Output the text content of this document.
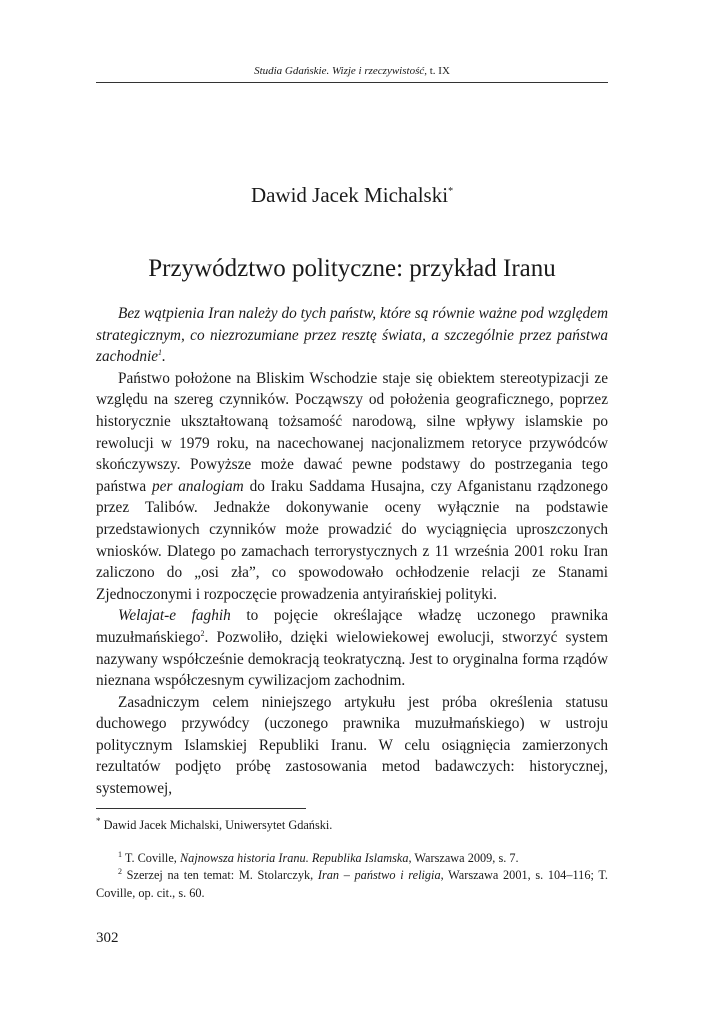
Studia Gdańskie. Wizje i rzeczywistość, t. IX
Dawid Jacek Michalski*
Przywództwo polityczne: przykład Iranu

Bez wątpienia Iran należy do tych państw, które są równie ważne pod względem strategicznym, co niezrozumiane przez resztę świata, a szczególnie przez państwa zachodnie$^1$.

Państwo położone na Bliskim Wschodzie staje się obiektem stereotypizacji ze względu na szereg czynników. Począwszy od położenia geograficznego, poprzez historycznie ukształtowaną tożsamość narodową, silne wpływy islamskie po rewolucji w 1979 roku, na nacechowanej nacjonalizmem retoryce przywódców skończywszy. Powyższe może dawać pewne podstawy do postrzegania tego państwa per analogiam do Iraku Saddama Husajna, czy Afganistanu rządzonego przez Talibów. Jednakże dokonywanie oceny wyłącznie na podstawie przedstawionych czynników może prowadzić do wyciągnięcia uproszczonych wniosków. Dlatego po zamachach terrorystycznych z 11 września 2001 roku Iran zaliczono do „osi zła”, co spowodowało ochłodzenie relacji ze Stanami Zjednoczonymi i rozpoczęcie prowadzenia antyirańskiej polityki.

Welajat-e faghih to pojęcie określające władzę uczonego prawnika muzułmańskiego$^2$. Pozwoliło, dzięki wielowiekowej ewolucji, stworzyć system nazywany współcześnie demokracją teokratyczną. Jest to oryginalna forma rządów nieznana współczesnym cywilizacjom zachodnim.

Zasadniczym celem niniejszego artykułu jest próba określenia statusu duchowego przywódcy (uczonego prawnika muzułmańskiego) w ustroju politycznym Islamskiej Republiki Iranu. W celu osiągnięcia zamierzonych rezultatów podjęto próbę zastosowania metod badawczych: historycznej, systemowej,

* Dawid Jacek Michalski, Uniwersytet Gdański.

$^1$ T. Coville, Najnowsza historia Iranu. Republika Islamska, Warszawa 2009, s. 7.

$^2$ Szerzej na ten temat: M. Stolarczyk, Iran – państwo i religia, Warszawa 2001, s. 104–116; T. Coville, op. cit., s. 60.

302
